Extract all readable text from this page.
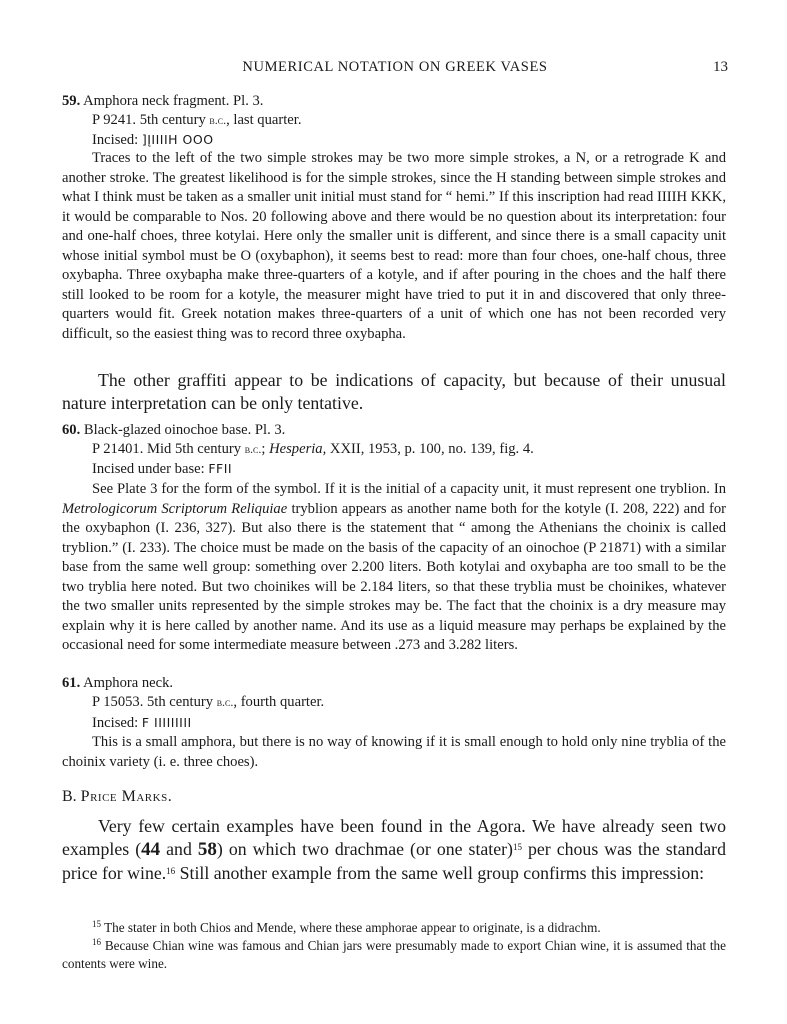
NUMERICAL NOTATION ON GREEK VASES	13
59. Amphora neck fragment. Pl. 3.
P 9241. 5th century b.c., last quarter.
Incised: ]ĮIIIIH OOO

Traces to the left of the two simple strokes may be two more simple strokes, a N, or a retrograde K and another stroke. The greatest likelihood is for the simple strokes, since the H standing between simple strokes and what I think must be taken as a smaller unit initial must stand for “ hemi.” If this inscription had read IIIIH KKK, it would be comparable to Nos. 20 following above and there would be no question about its interpretation: four and one-half choes, three kotylai. Here only the smaller unit is different, and since there is a small capacity unit whose initial symbol must be O (oxybaphon), it seems best to read: more than four choes, one-half chous, three oxybapha. Three oxybapha make three-quarters of a kotyle, and if after pouring in the choes and the half there still looked to be room for a kotyle, the measurer might have tried to put it in and discovered that only three-quarters would fit. Greek notation makes three-quarters of a unit of which one has not been recorded very difficult, so the easiest thing was to record three oxybapha.

The other graffiti appear to be indications of capacity, but because of their unusual nature interpretation can be only tentative.

60. Black-glazed oinochoe base. Pl. 3.
P 21401. Mid 5th century b.c.; Hesperia, XXII, 1953, p. 100, no. 139, fig. 4.
Incised under base: ϜϜII

See Plate 3 for the form of the symbol. If it is the initial of a capacity unit, it must represent one tryblion. In Metrologicorum Scriptorum Reliquiae tryblion appears as another name both for the kotyle (I. 208, 222) and for the oxybaphon (I. 236, 327). But also there is the statement that “ among the Athenians the choinix is called tryblion.” (I. 233). The choice must be made on the basis of the capacity of an oinochoe (P 21871) with a similar base from the same well group: something over 2.200 liters. Both kotylai and oxybapha are too small to be the two tryblia here noted. But two choinikes will be 2.184 liters, so that these tryblia must be choinikes, whatever the two smaller units represented by the simple strokes may be. The fact that the choinix is a dry measure may explain why it is here called by another name. And its use as a liquid measure may perhaps be explained by the occasional need for some intermediate measure between .273 and 3.282 liters.

61. Amphora neck.
P 15053. 5th century b.c., fourth quarter.
Incised: Ϝ IIIIIIIII

This is a small amphora, but there is no way of knowing if it is small enough to hold only nine tryblia of the choinix variety (i. e. three choes).

B. Price Marks.

Very few certain examples have been found in the Agora. We have already seen two examples (44 and 58) on which two drachmae (or one stater)$^{15}$ per chous was the standard price for wine.$^{16}$ Still another example from the same well group confirms this impression:

$^{15}$ The stater in both Chios and Mende, where these amphorae appear to originate, is a didrachm.

$^{16}$ Because Chian wine was famous and Chian jars were presumably made to export Chian wine, it is assumed that the contents were wine.
